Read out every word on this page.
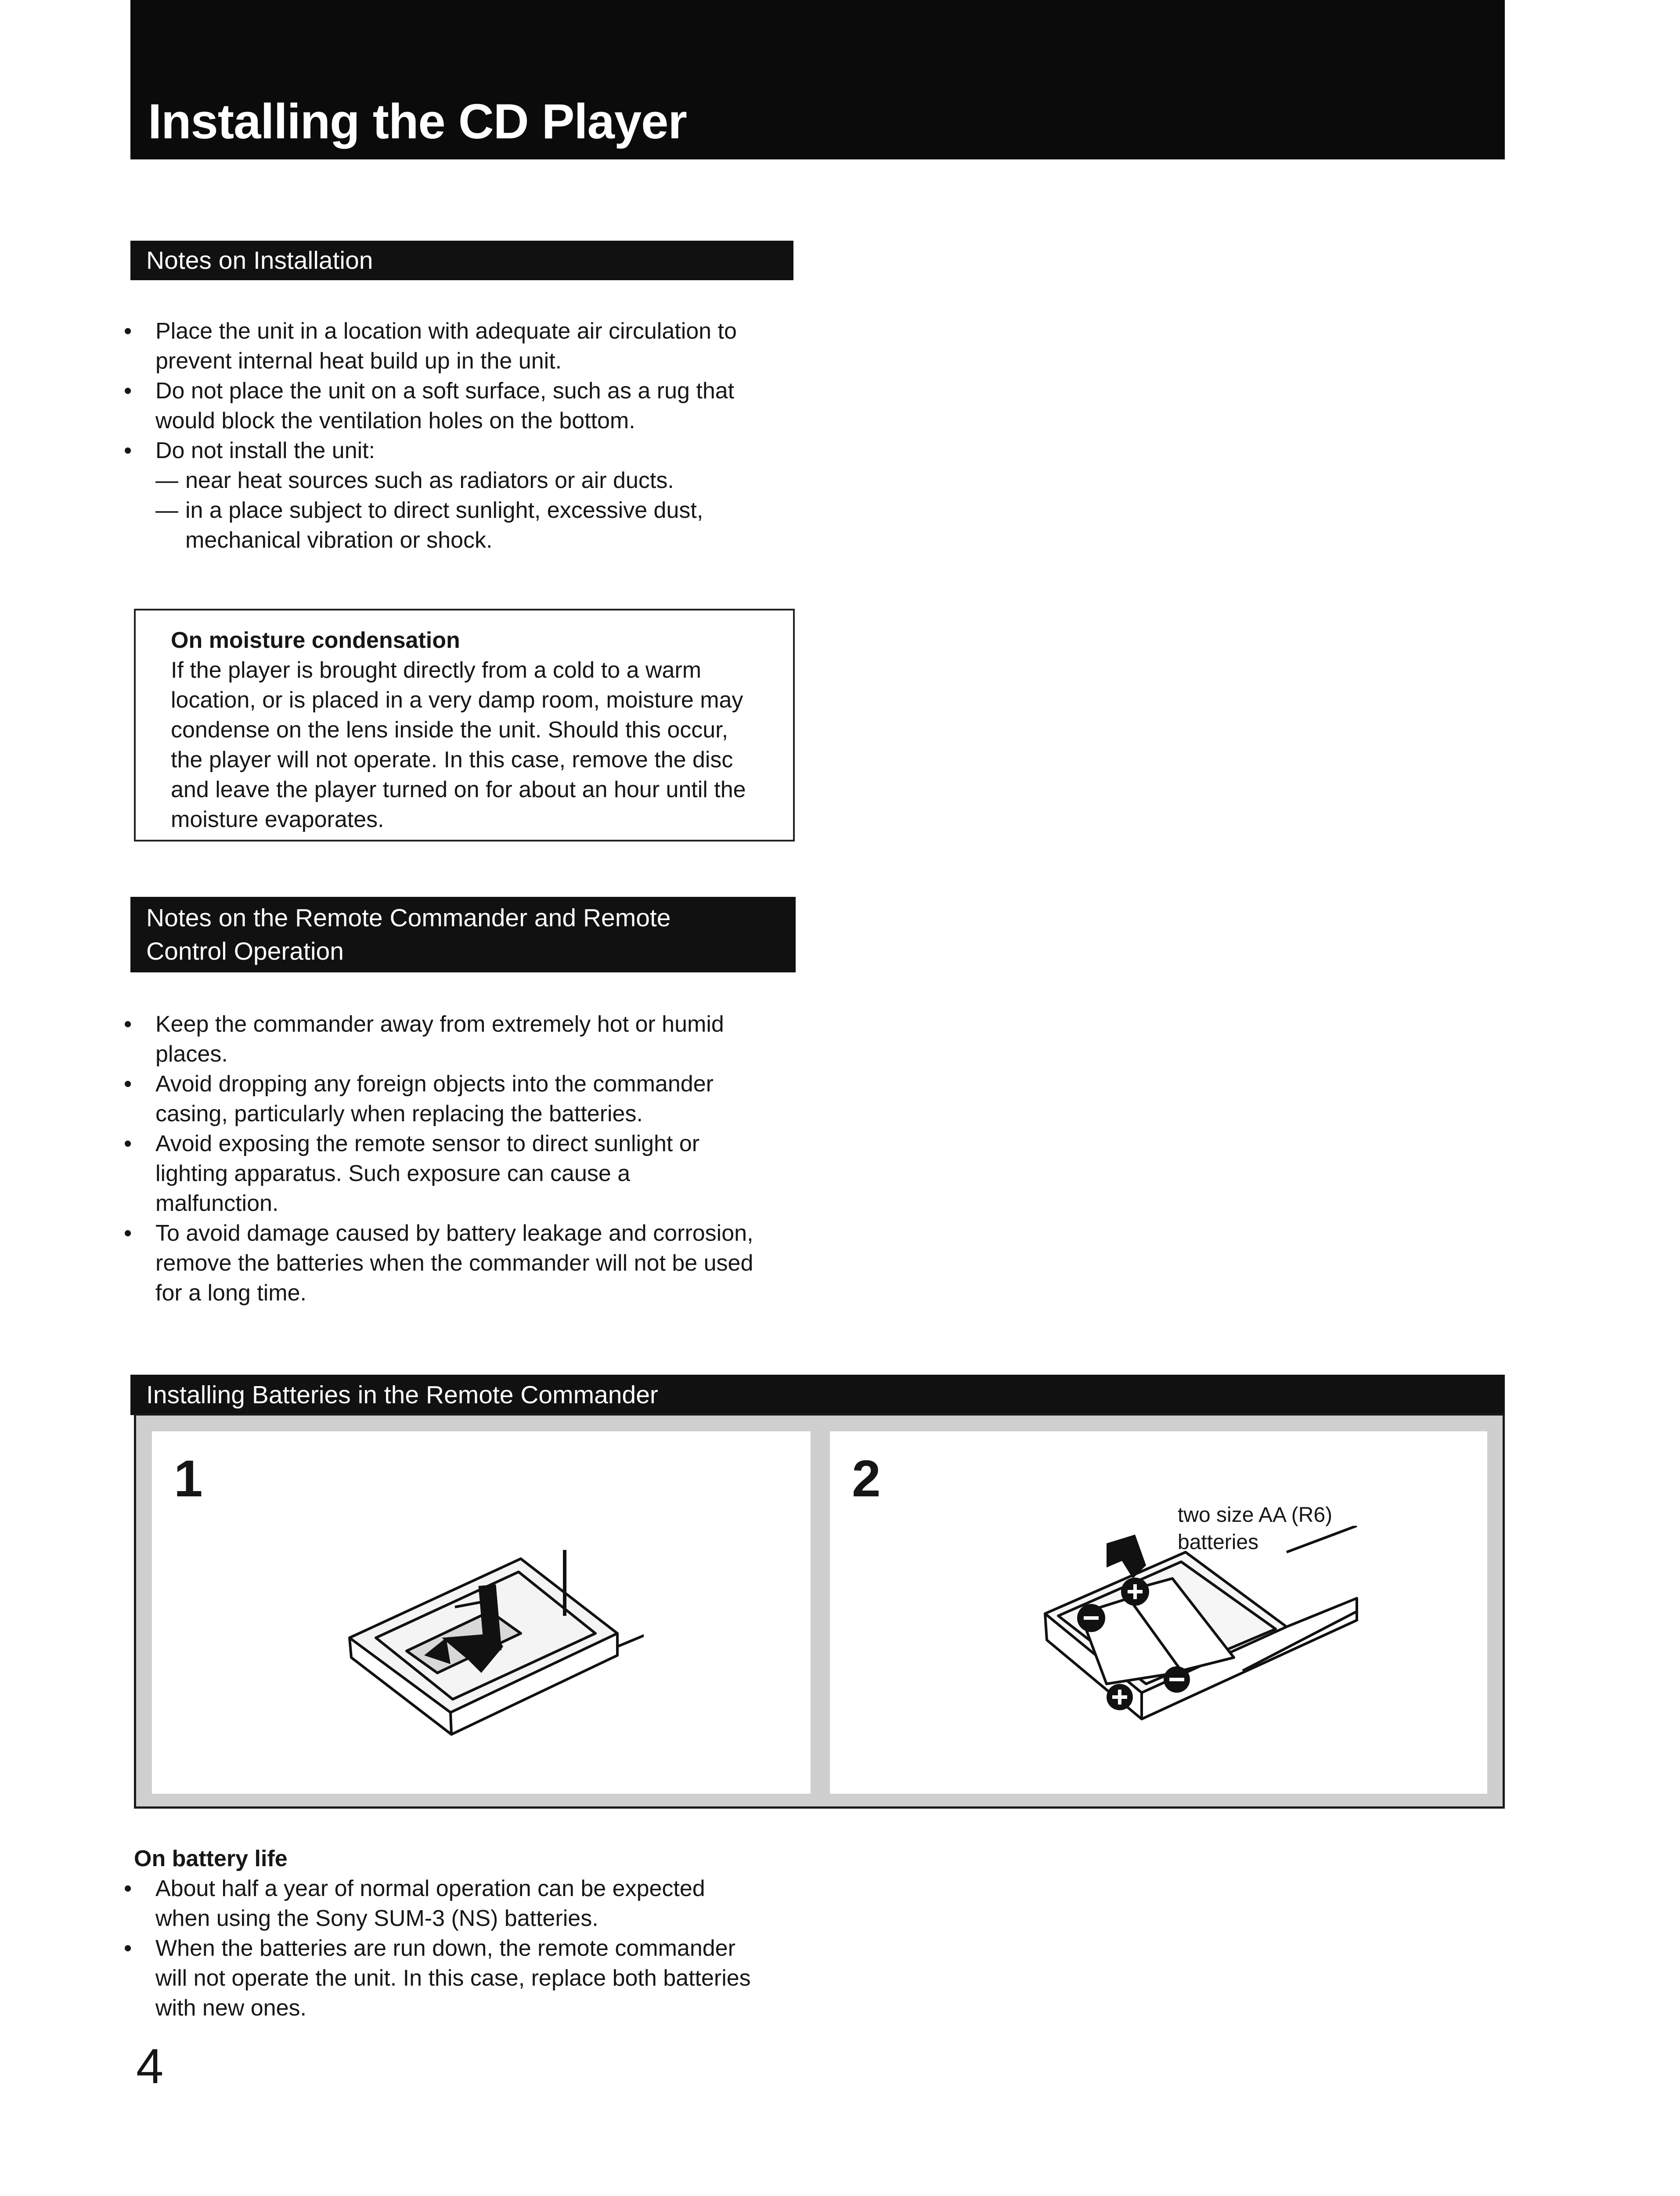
Installing the CD Player
Notes on Installation
• Place the unit in a location with adequate air circulation to
prevent internal heat build up in the unit.
• Do not place the unit on a soft surface, such as a rug that
would block the ventilation holes on the bottom.
• Do not install the unit:
— near heat sources such as radiators or air ducts.
— in a place subject to direct sunlight, excessive dust,
mechanical vibration or shock.
On moisture condensation
If the player is brought directly from a cold to a warm
location, or is placed in a very damp room, moisture may
condense on the lens inside the unit. Should this occur,
the player will not operate. In this case, remove the disc
and leave the player turned on for about an hour until the
moisture evaporates.
Notes on the Remote Commander and Remote
Control Operation
• Keep the commander away from extremely hot or humid
places.
• Avoid dropping any foreign objects into the commander
casing, particularly when replacing the batteries.
• Avoid exposing the remote sensor to direct sunlight or
lighting apparatus. Such exposure can cause a
malfunction.
• To avoid damage caused by battery leakage and corrosion,
remove the batteries when the commander will not be used
for a long time.
Installing Batteries in the Remote Commander
1	2
two size AA (R6)
batteries
On battery life
• About half a year of normal operation can be expected
when using the Sony SUM-3 (NS) batteries.
• When the batteries are run down, the remote commander
will not operate the unit. In this case, replace both batteries
with new ones.
4
